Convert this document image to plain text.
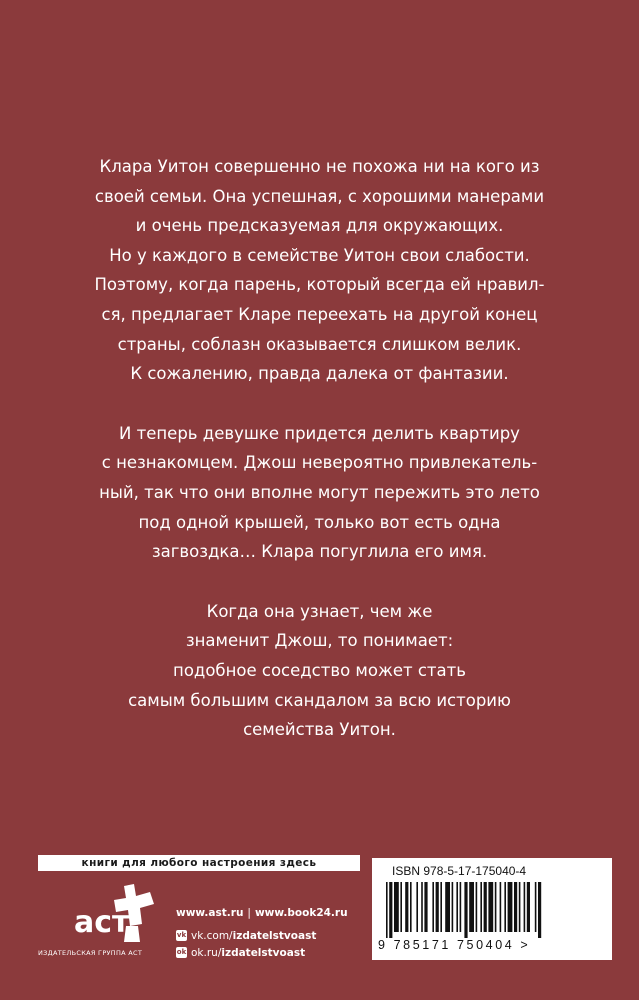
Клара Уитон совершенно не похожа ни на кого из
своей семьи. Она успешная, с хорошими манерами
и очень предсказуемая для окружающих.
Но у каждого в семействе Уитон свои слабости.
Поэтому, когда парень, который всегда ей нравил-
ся, предлагает Кларе переехать на другой конец
страны, соблазн оказывается слишком велик.
К сожалению, правда далека от фантазии.
И теперь девушке придется делить квартиру
с незнакомцем. Джош невероятно привлекатель-
ный, так что они вполне могут пережить это лето
под одной крышей, только вот есть одна
загвоздка… Клара погуглила его имя.
Когда она узнает, чем же
знаменит Джош, то понимает:
подобное соседство может стать
самым большим скандалом за всю историю
семейства Уитон.
книги для любого настроения здесь
аст
ИЗДАТЕЛЬСКАЯ ГРУППА АСТ
www.ast.ru | www.book24.ru
vk vk.com/ izdatelstvoast
ok ok.ru/ izdatelstvoast
ISBN 978-5-17-175040-4
9 785171 750404 >
